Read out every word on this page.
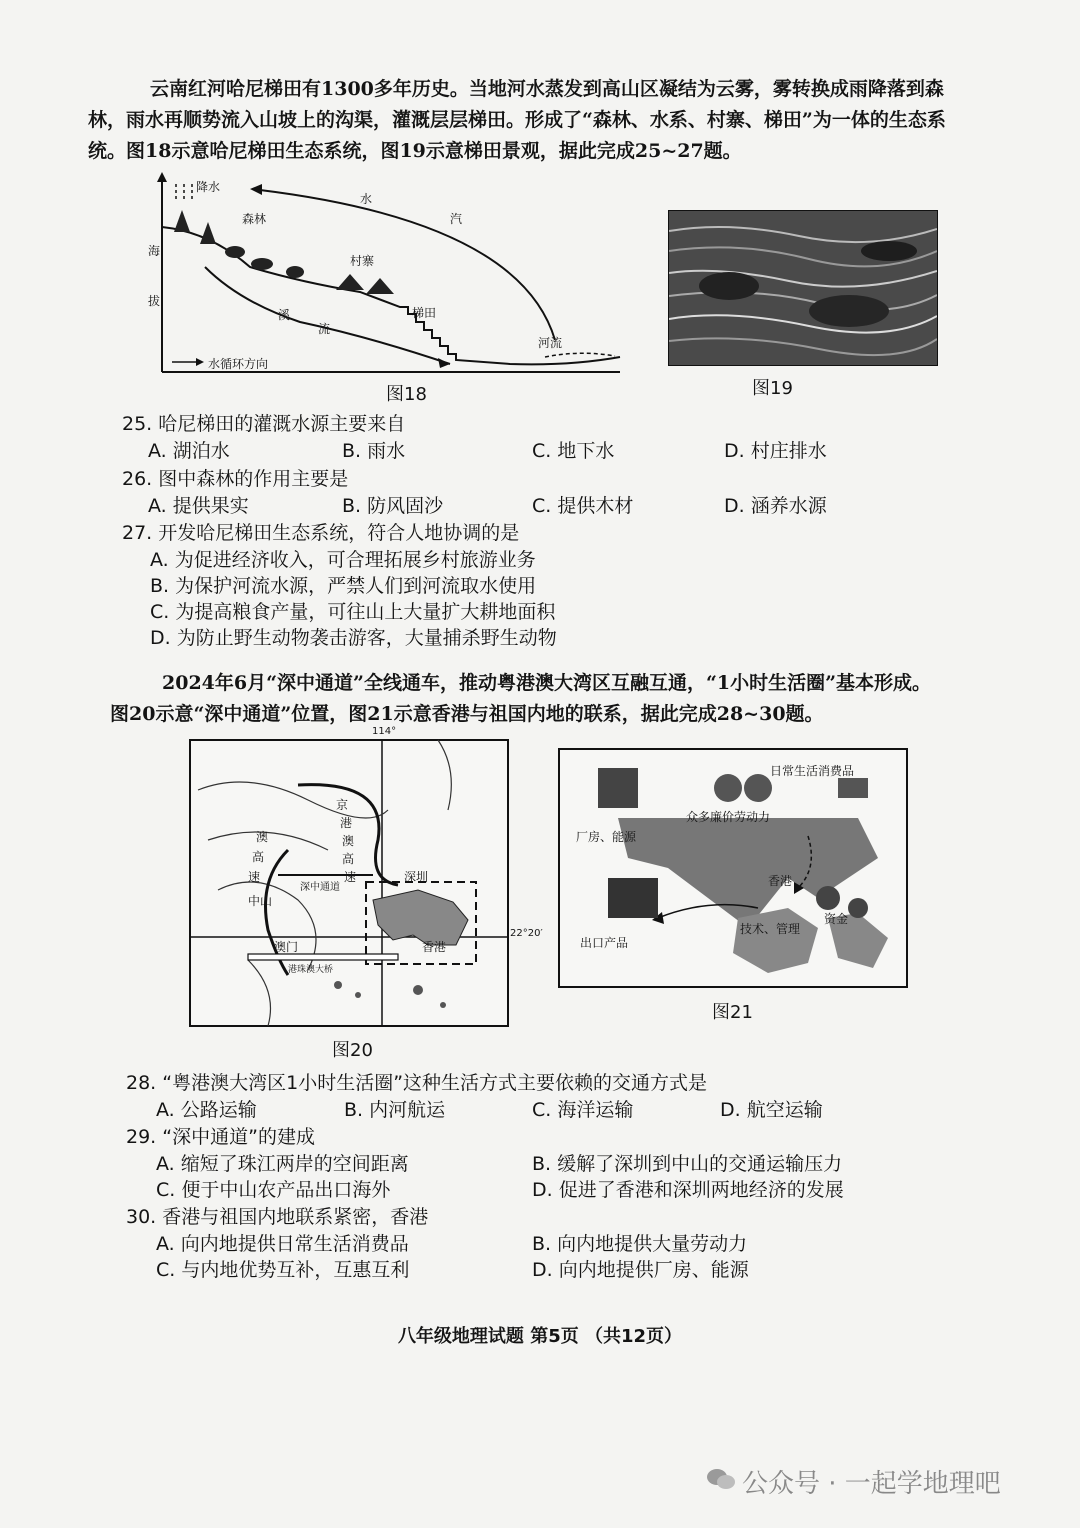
云南红河哈尼梯田有1300多年历史。当地河水蒸发到高山区凝结为云雾，雾转换成雨降落到森林，雨水再顺势流入山坡上的沟渠，灌溉层层梯田。形成了“森林、水系、村寨、梯田”为一体的生态系统。图18示意哈尼梯田生态系统，图19示意梯田景观，据此完成25~27题。
降水
森林
水
汽
海
拔
村寨
梯田
溪
流
河流
水循环方向
图18	图19
25. 哈尼梯田的灌溉水源主要来自
A. 湖泊水	B. 雨水	C. 地下水	D. 村庄排水
26. 图中森林的作用主要是
A. 提供果实	B. 防风固沙	C. 提供木材	D. 涵养水源
27. 开发哈尼梯田生态系统，符合人地协调的是
A. 为促进经济收入，可合理拓展乡村旅游业务
B. 为保护河流水源，严禁人们到河流取水使用
C. 为提高粮食产量，可往山上大量扩大耕地面积
D. 为防止野生动物袭击游客，大量捕杀野生动物
2024年6月“深中通道”全线通车，推动粤港澳大湾区互融互通，“1小时生活圈”基本形成。图20示意“深中通道”位置，图21示意香港与祖国内地的联系，据此完成28~30题。
114°
22°20′
京
港
澳
高
速
澳
高
速
深中通道
中山
深圳
澳门	香港
港珠澳大桥
图20
日常生活消费品
厂房、能源
众多廉价劳动力
香港
出口产品
技术、管理
资金
图21
28. “粤港澳大湾区1小时生活圈”这种生活方式主要依赖的交通方式是
A. 公路运输	B. 内河航运	C. 海洋运输	D. 航空运输
29. “深中通道”的建成
A. 缩短了珠江两岸的空间距离	B. 缓解了深圳到中山的交通运输压力
C. 便于中山农产品出口海外	D. 促进了香港和深圳两地经济的发展
30. 香港与祖国内地联系紧密，香港
A. 向内地提供日常生活消费品	B. 向内地提供大量劳动力
C. 与内地优势互补，互惠互利	D. 向内地提供厂房、能源
八年级地理试题 第5页 （共12页）
公众号 · 一起学地理吧
